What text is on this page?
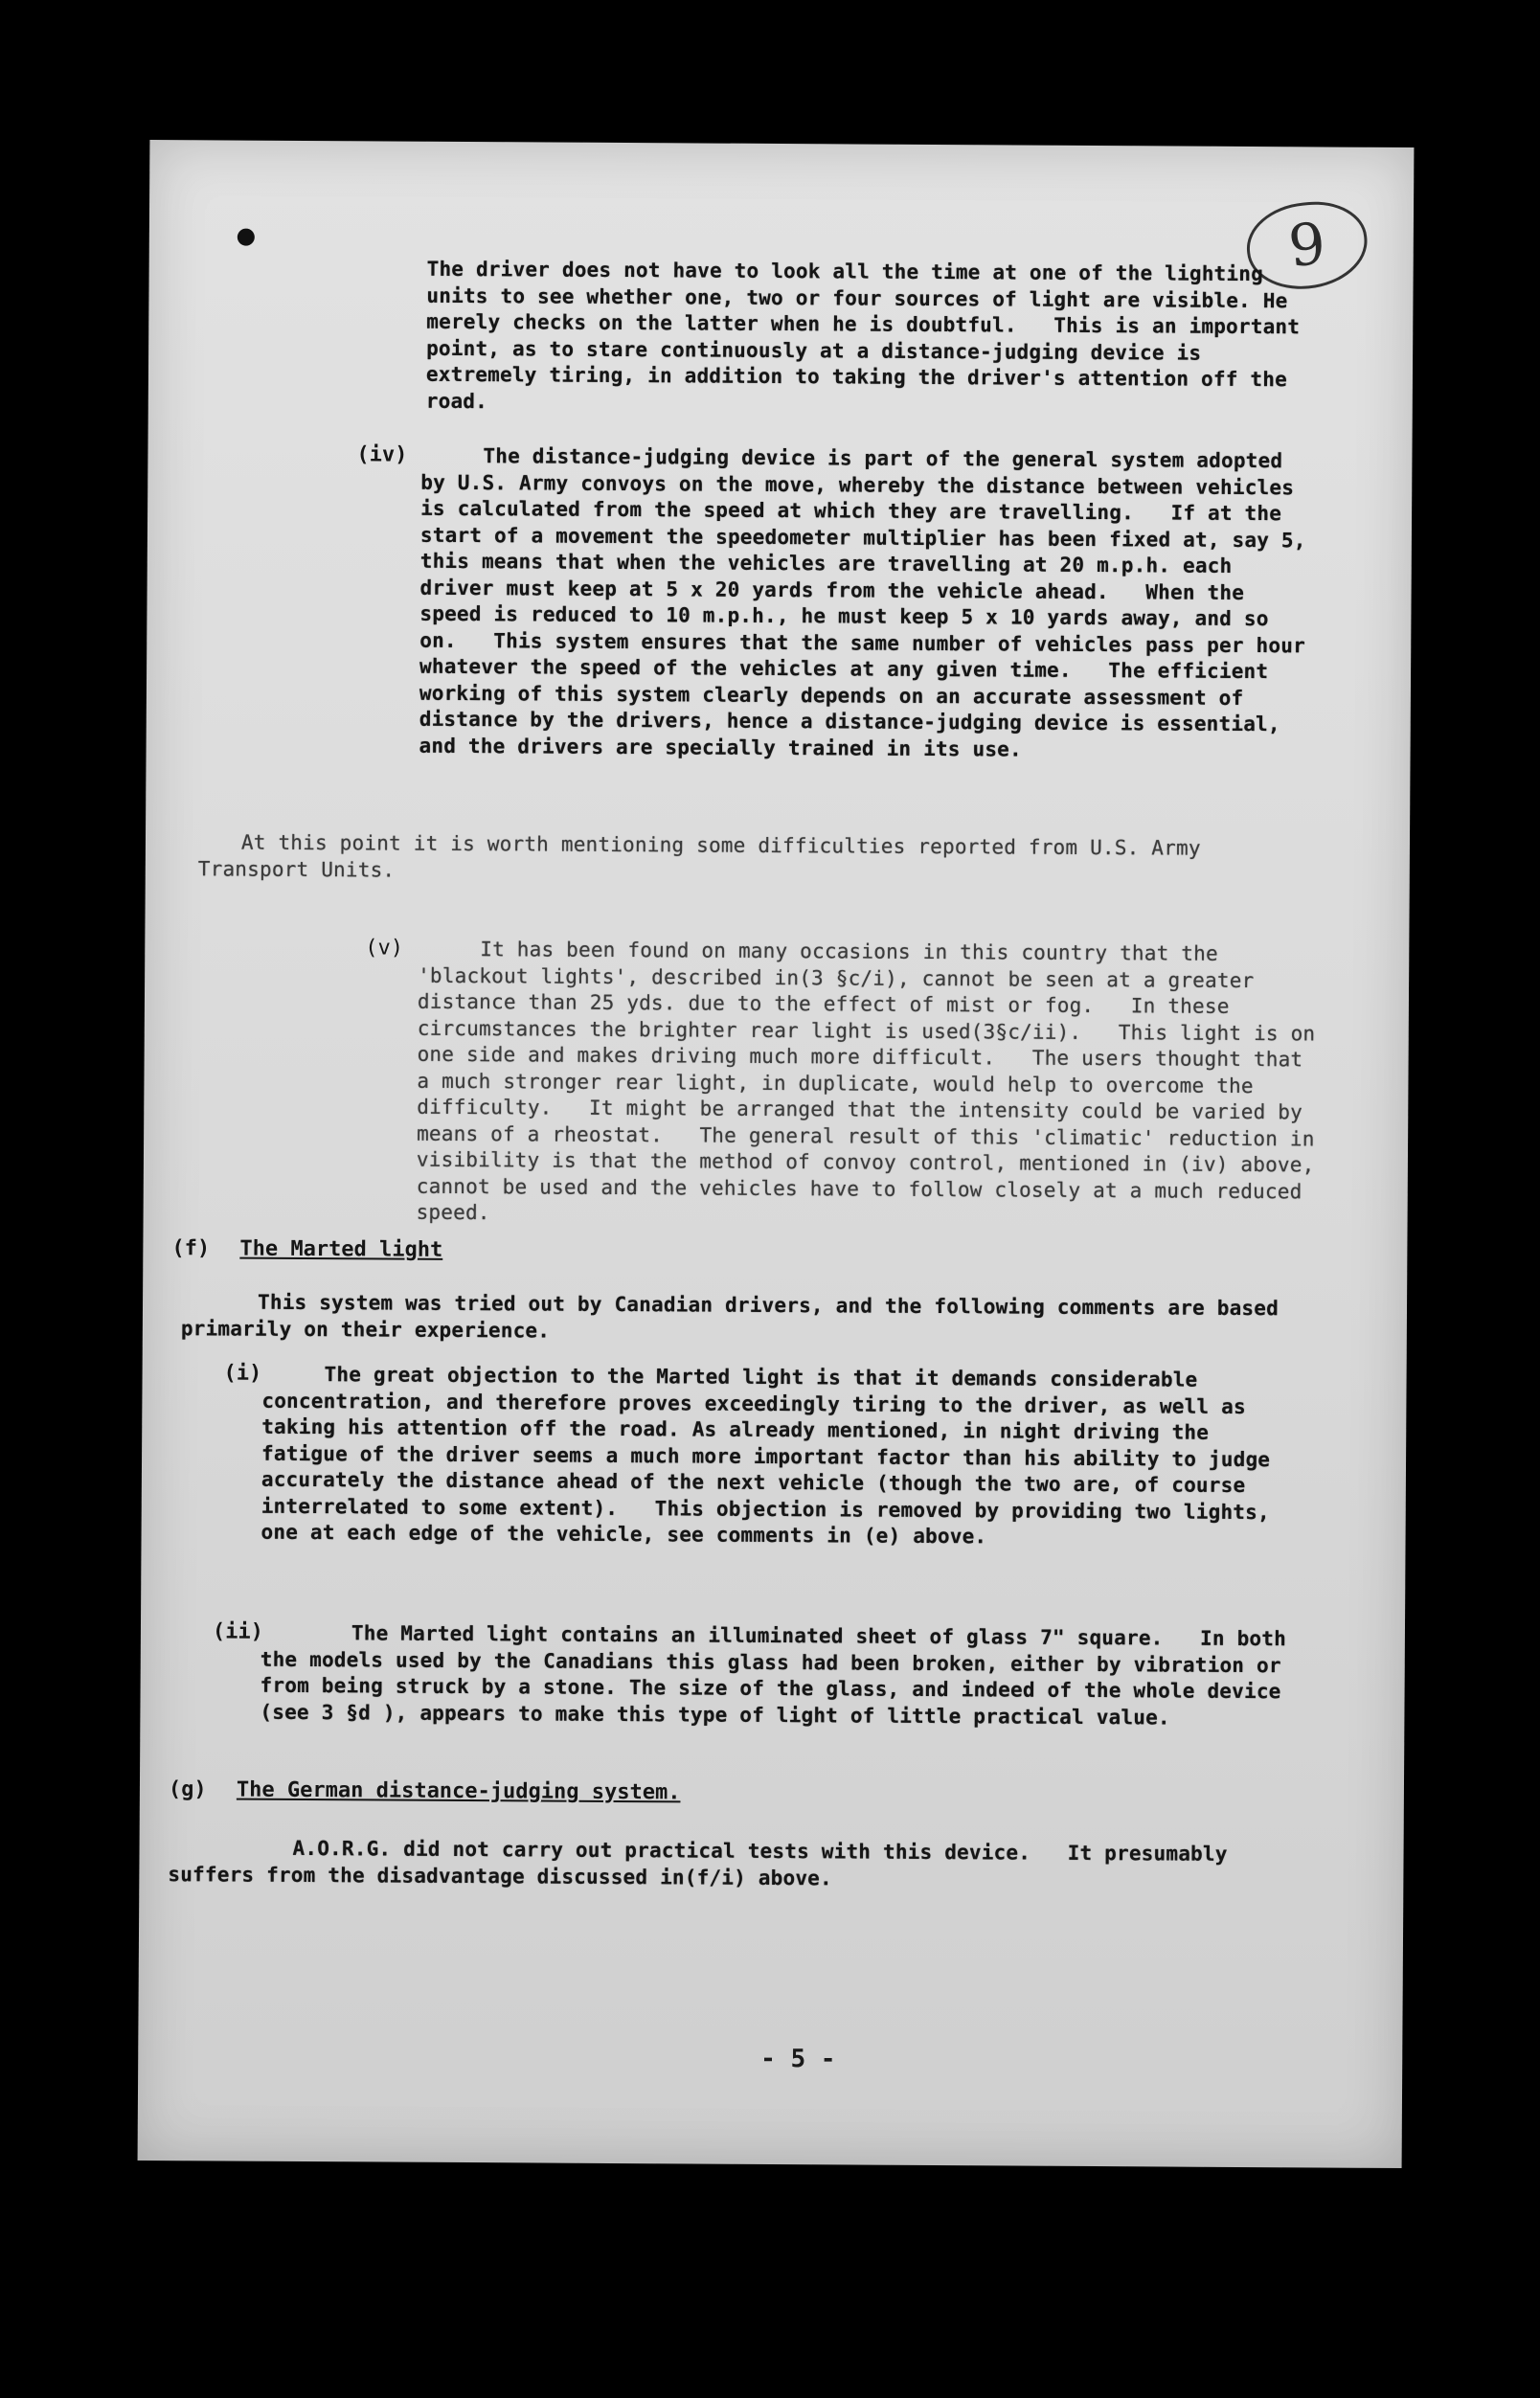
9
The driver does not have to look all the time at one of the lighting units to see whether one, two or four sources of light are visible. He merely checks on the latter when he is doubtful.   This is an important point, as to stare continuously at a distance-judging device is extremely tiring, in addition to taking the driver's attention off the road.
(iv)	The distance-judging device is part of the general system adopted by U.S. Army convoys on the move, whereby the distance between vehicles is calculated from the speed at which they are travelling.   If at the start of a movement the speedometer multiplier has been fixed at, say 5, this means that when the vehicles are travelling at 20 m.p.h. each driver must keep at 5 x 20 yards from the vehicle ahead.   When the speed is reduced to 10 m.p.h., he must keep 5 x 10 yards away, and so on.   This system ensures that the same number of vehicles pass per hour whatever the speed of the vehicles at any given time.   The efficient working of this system clearly depends on an accurate assessment of distance by the drivers, hence a distance-judging device is essential, and the drivers are specially trained in its use.
At this point it is worth mentioning some difficulties reported from U.S. Army Transport Units.
(v)	It has been found on many occasions in this country that the 'blackout lights', described in(3 §c/i), cannot be seen at a greater distance than 25 yds. due to the effect of mist or fog.   In these circumstances the brighter rear light is used(3§c/ii).   This light is on one side and makes driving much more difficult.   The users thought that a much stronger rear light, in duplicate, would help to overcome the difficulty.   It might be arranged that the intensity could be varied by means of a rheostat.   The general result of this 'climatic' reduction in visibility is that the method of convoy control, mentioned in (iv) above, cannot be used and the vehicles have to follow closely at a much reduced speed.
(f) The Marted light
This system was tried out by Canadian drivers, and the following comments are based primarily on their experience.
(i)	The great objection to the Marted light is that it demands considerable concentration, and therefore proves exceedingly tiring to the driver, as well as taking his attention off the road. As already mentioned, in night driving the fatigue of the driver seems a much more important factor than his ability to judge accurately the distance ahead of the next vehicle (though the two are, of course interrelated to some extent).   This objection is removed by providing two lights, one at each edge of the vehicle, see comments in (e) above.
(ii)	The Marted light contains an illuminated sheet of glass 7" square.   In both the models used by the Canadians this glass had been broken, either by vibration or from being struck by a stone. The size of the glass, and indeed of the whole device (see 3 §d ), appears to make this type of light of little practical value.
(g) The German distance-judging system.
A.O.R.G. did not carry out practical tests with this device.   It presumably suffers from the disadvantage discussed in(f/i) above.
- 5 -
